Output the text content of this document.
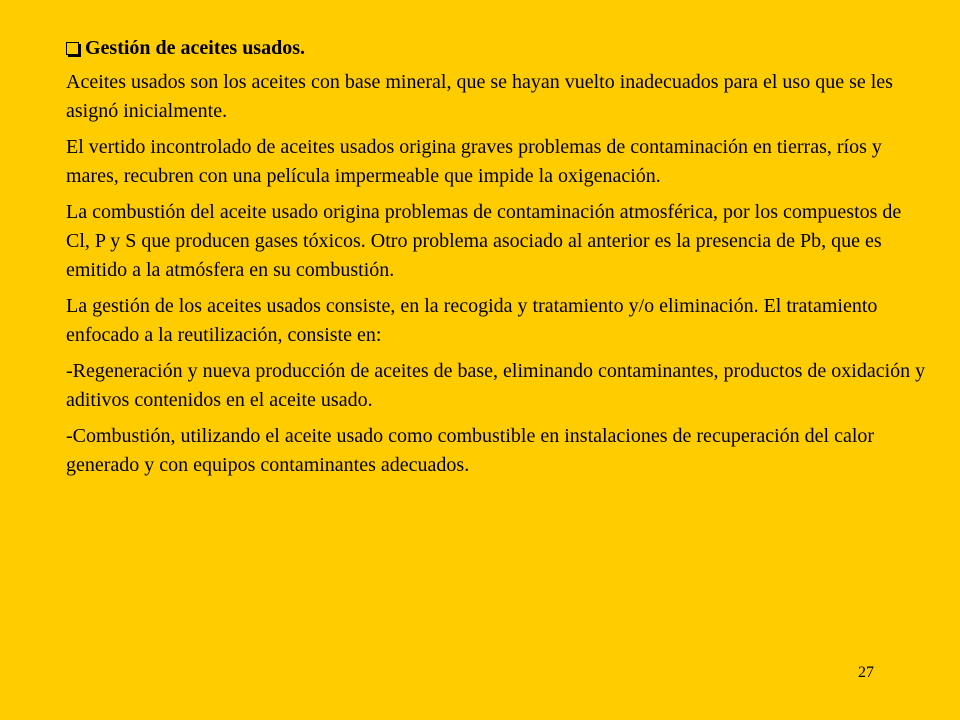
Gestión de aceites usados.

Aceites usados son los aceites con base mineral, que se hayan vuelto inadecuados para el uso que se les asignó inicialmente.

El vertido incontrolado de aceites usados origina graves problemas de contaminación en tierras, ríos y mares, recubren con una película impermeable que impide la oxigenación.

La combustión del aceite usado origina problemas de contaminación atmosférica, por los compuestos de Cl, P y S que producen gases tóxicos. Otro problema asociado al anterior es la presencia de Pb, que es emitido a la atmósfera en su combustión.

La gestión de los aceites usados consiste, en la recogida y tratamiento y/o eliminación. El tratamiento enfocado a la reutilización, consiste en:

-Regeneración y nueva producción de aceites de base, eliminando contaminantes, productos de oxidación y aditivos contenidos en el aceite usado.

-Combustión, utilizando el aceite usado como combustible en instalaciones de recuperación del calor generado y con equipos contaminantes adecuados.

27
